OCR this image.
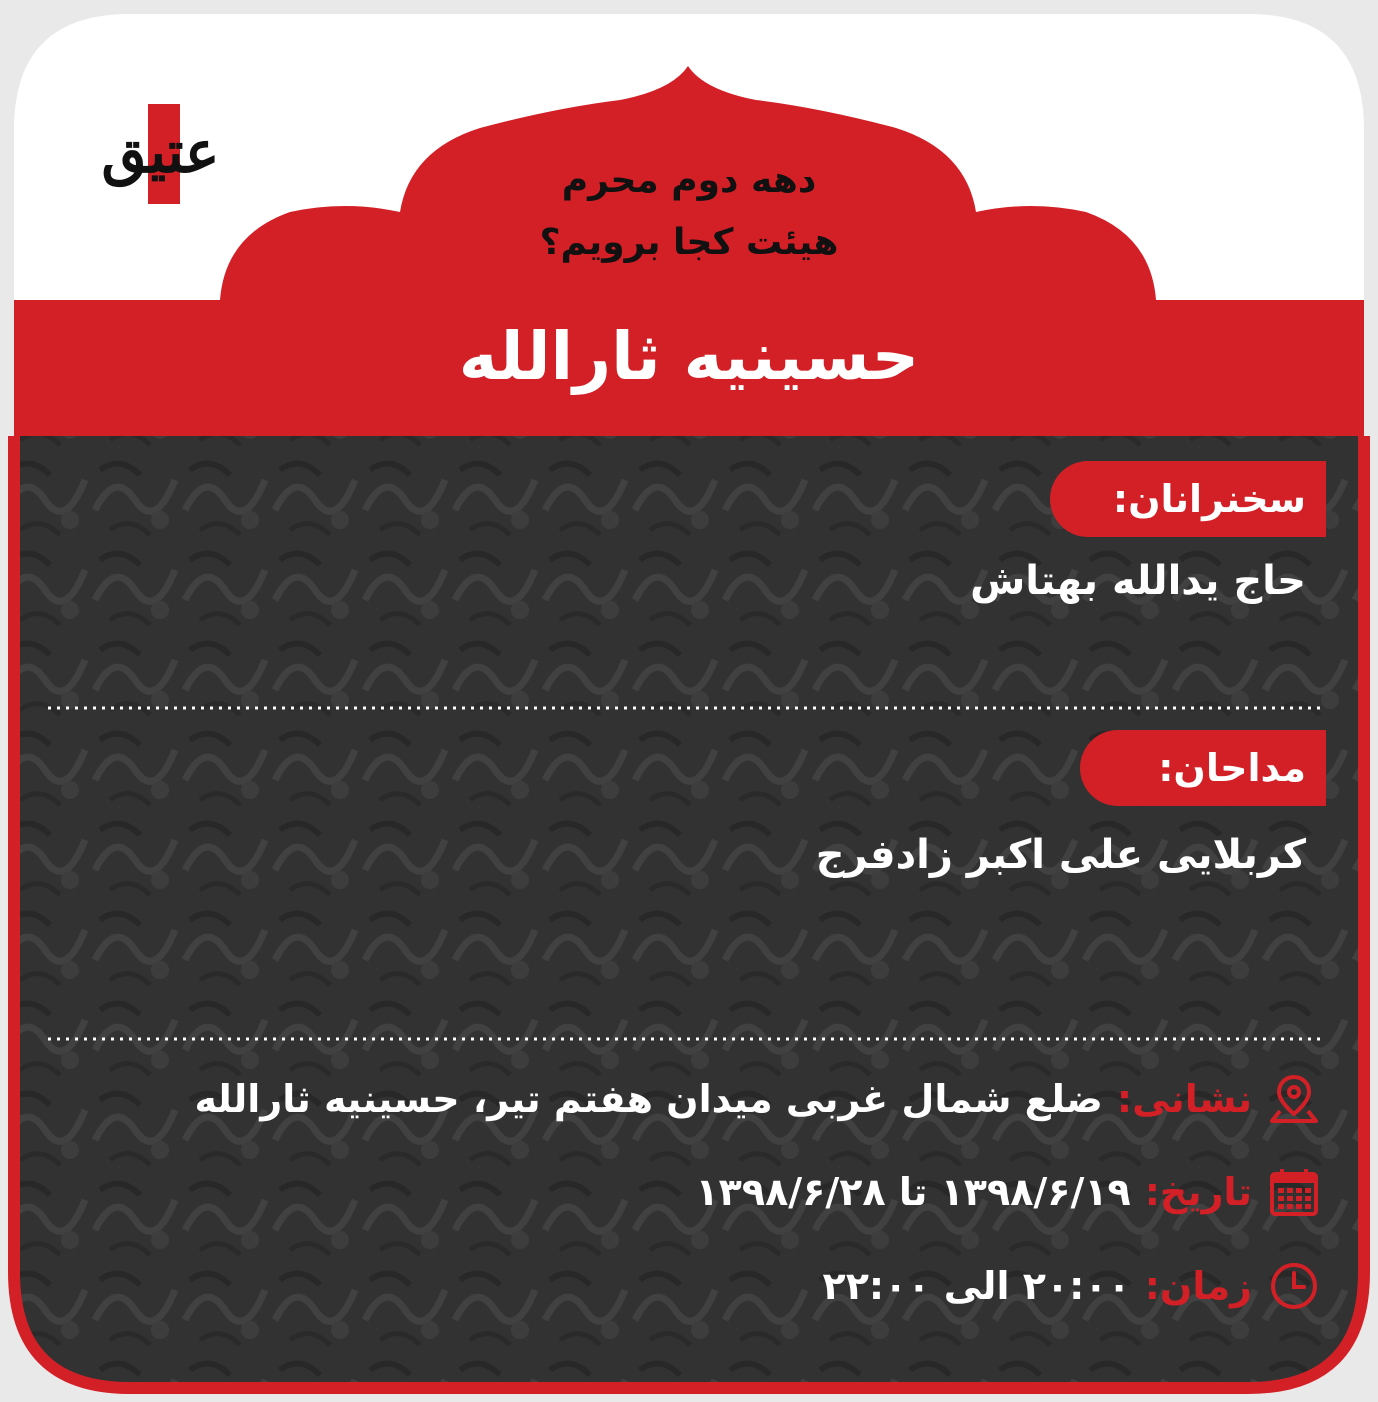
عتیق	دهه دوم محرم
هیئت کجا برویم؟
حسینیه ثارالله
سخنرانان:
حاج یدالله بهتاش
مداحان:
کربلایی علی اکبر زادفرج
نشانی:
ضلع شمال غربی میدان هفتم تیر، حسینیه ثارالله
تاریخ:
۱۳۹۸/۶/۱۹ تا ۱۳۹۸/۶/۲۸
زمان:
۲۰:۰۰ الی ۲۲:۰۰
